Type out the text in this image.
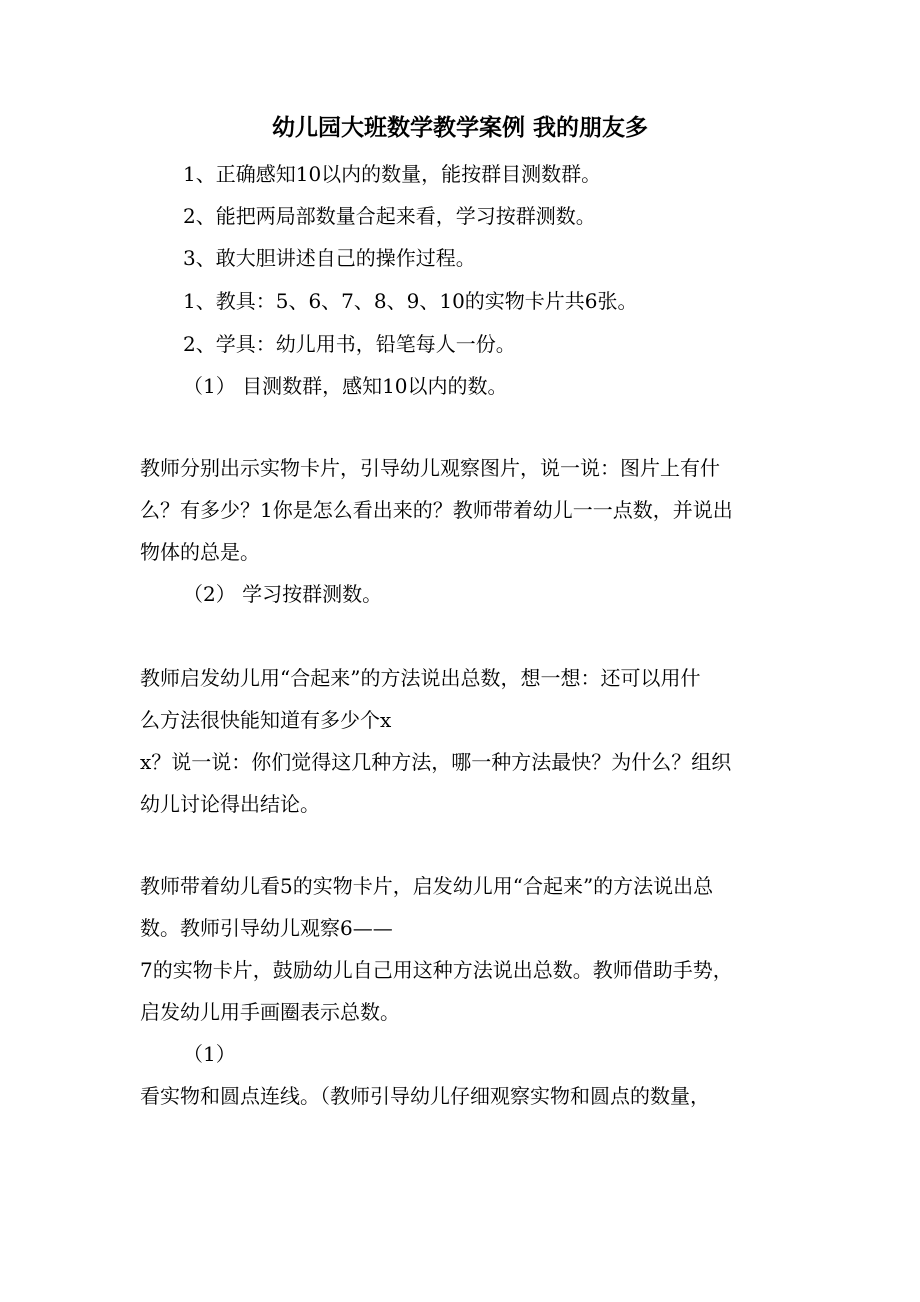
幼儿园大班数学教学案例 我的朋友多
1、正确感知10以内的数量，能按群目测数群。
2、能把两局部数量合起来看，学习按群测数。
3、敢大胆讲述自己的操作过程。
1、教具：5、6、7、8、9、10的实物卡片共6张。
2、学具：幼儿用书，铅笔每人一份。
（1） 目测数群，感知10以内的数。
教师分别出示实物卡片，引导幼儿观察图片，说一说：图片上有什
么？有多少？1你是怎么看出来的？教师带着幼儿一一点数，并说出
物体的总是。
（2） 学习按群测数。
教师启发幼儿用“合起来”的方法说出总数，想一想：还可以用什
么方法很快能知道有多少个x
x？说一说：你们觉得这几种方法，哪一种方法最快？为什么？组织
幼儿讨论得出结论。
教师带着幼儿看5的实物卡片，启发幼儿用“合起来”的方法说出总
数。教师引导幼儿观察6——
7的实物卡片，鼓励幼儿自己用这种方法说出总数。教师借助手势，
启发幼儿用手画圈表示总数。
（1）
看实物和圆点连线。（教师引导幼儿仔细观察实物和圆点的数量，
